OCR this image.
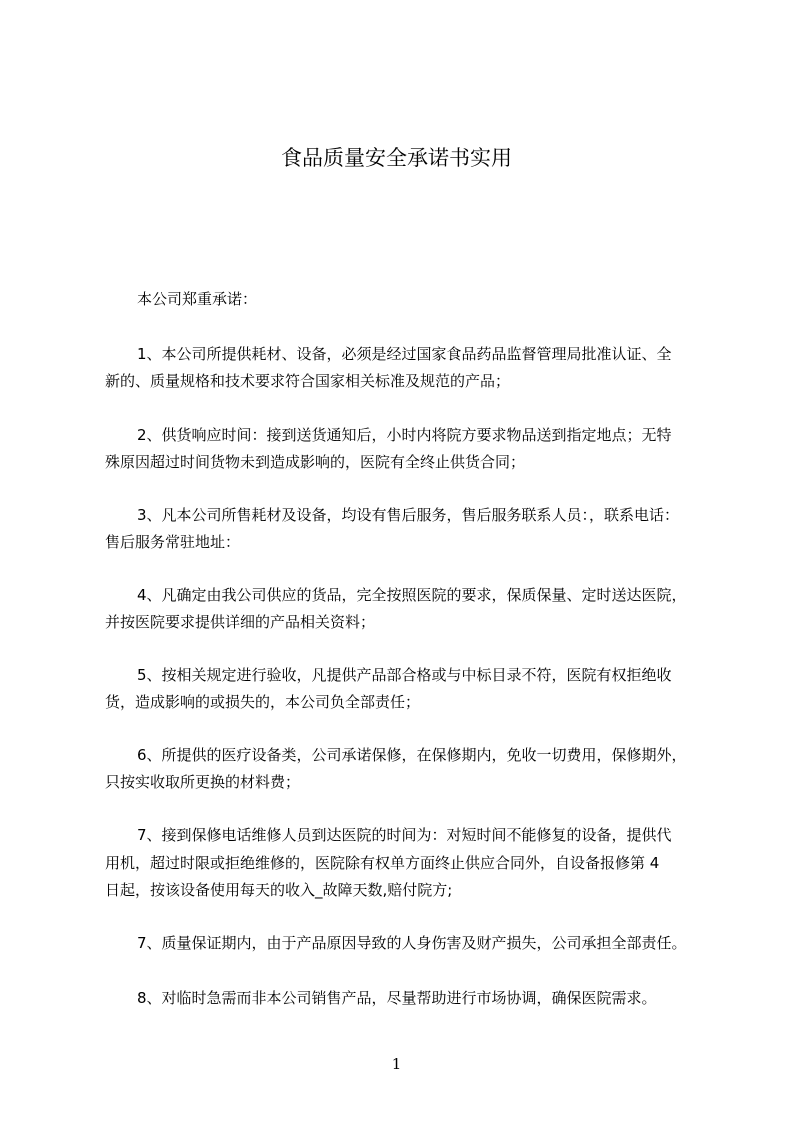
食品质量安全承诺书实用
本公司郑重承诺：
1、本公司所提供耗材、设备，必须是经过国家食品药品监督管理局批准认证、全
新的、质量规格和技术要求符合国家相关标准及规范的产品；
2、供货响应时间：接到送货通知后，小时内将院方要求物品送到指定地点；无特
殊原因超过时间货物未到造成影响的，医院有全终止供货合同；
3、凡本公司所售耗材及设备，均设有售后服务，售后服务联系人员：，联系电话：
售后服务常驻地址：
4、凡确定由我公司供应的货品，完全按照医院的要求，保质保量、定时送达医院，
并按医院要求提供详细的产品相关资料；
5、按相关规定进行验收，凡提供产品部合格或与中标目录不符，医院有权拒绝收
货，造成影响的或损失的，本公司负全部责任；
6、所提供的医疗设备类，公司承诺保修，在保修期内，免收一切费用，保修期外，
只按实收取所更换的材料费；
7、接到保修电话维修人员到达医院的时间为：对短时间不能修复的设备，提供代
用机，超过时限或拒绝维修的，医院除有权单方面终止供应合同外，自设备报修第 4
日起，按该设备使用每天的收入_故障天数,赔付院方;
7、质量保证期内，由于产品原因导致的人身伤害及财产损失，公司承担全部责任。
8、对临时急需而非本公司销售产品，尽量帮助进行市场协调，确保医院需求。
1
